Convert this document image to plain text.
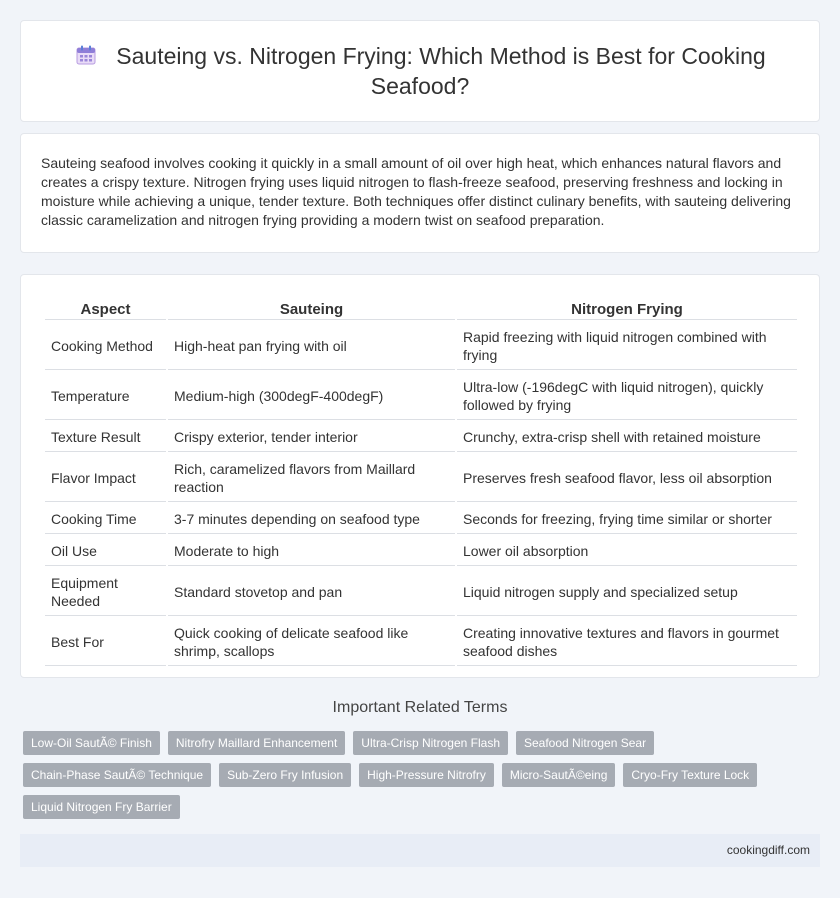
Sauteing vs. Nitrogen Frying: Which Method is Best for Cooking Seafood?

Sauteing seafood involves cooking it quickly in a small amount of oil over high heat, which enhances natural flavors and creates a crispy texture. Nitrogen frying uses liquid nitrogen to flash-freeze seafood, preserving freshness and locking in moisture while achieving a unique, tender texture. Both techniques offer distinct culinary benefits, with sauteing delivering classic caramelization and nitrogen frying providing a modern twist on seafood preparation.

Aspect	Sauteing	Nitrogen Frying
Cooking Method	High-heat pan frying with oil	Rapid freezing with liquid nitrogen combined with frying
Temperature	Medium-high (300degF-400degF)	Ultra-low (-196degC with liquid nitrogen), quickly followed by frying
Texture Result	Crispy exterior, tender interior	Crunchy, extra-crisp shell with retained moisture
Flavor Impact	Rich, caramelized flavors from Maillard reaction	Preserves fresh seafood flavor, less oil absorption
Cooking Time	3-7 minutes depending on seafood type	Seconds for freezing, frying time similar or shorter
Oil Use	Moderate to high	Lower oil absorption
Equipment Needed	Standard stovetop and pan	Liquid nitrogen supply and specialized setup
Best For	Quick cooking of delicate seafood like shrimp, scallops	Creating innovative textures and flavors in gourmet seafood dishes
Important Related Terms
Low-Oil SautÃ© Finish	Nitrofry Maillard Enhancement	Ultra-Crisp Nitrogen Flash	Seafood Nitrogen Sear
Chain-Phase SautÃ© Technique	Sub-Zero Fry Infusion	High-Pressure Nitrofry	Micro-SautÃ©eing	Cryo-Fry Texture Lock
Liquid Nitrogen Fry Barrier
cookingdiff.com
